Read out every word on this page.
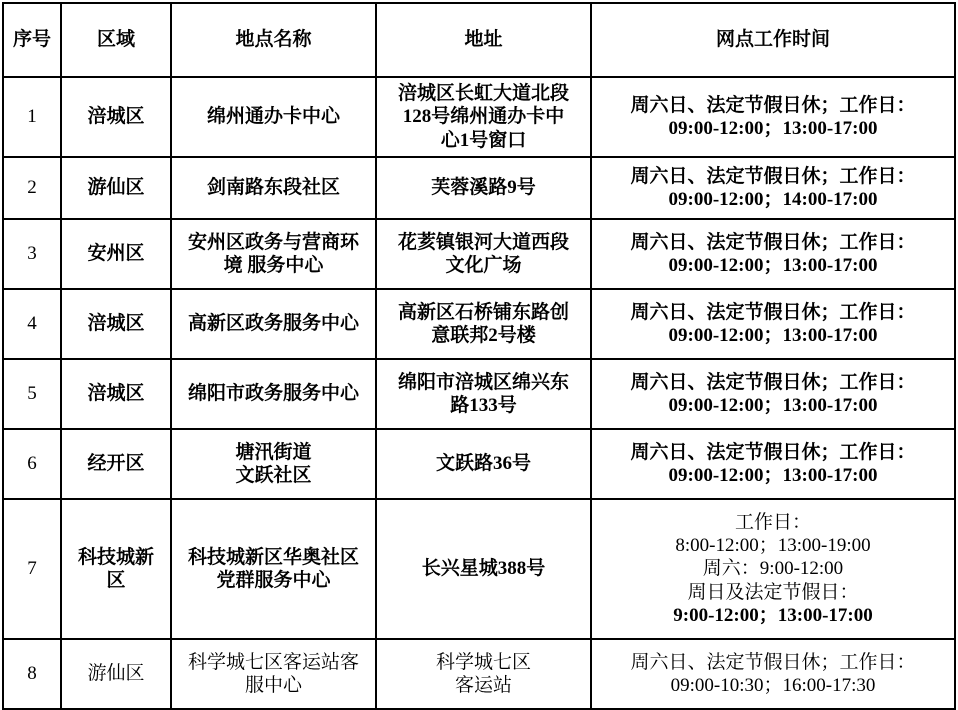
序号	区域	地点名称	地址	网点工作时间
1	涪城区	绵州通办卡中心	涪城区长虹大道北段
128号绵州通办卡中
心1号窗口	周六日、法定节假日休；工作日：
09:00-12:00；13:00-17:00

2	游仙区	剑南路东段社区	芙蓉溪路9号	周六日、法定节假日休；工作日：
09:00-12:00；14:00-17:00

3	安州区	安州区政务与营商环
境 服务中心	花荄镇银河大道西段
文化广场	周六日、法定节假日休；工作日：
09:00-12:00；13:00-17:00

4	涪城区	高新区政务服务中心	高新区石桥铺东路创
意联邦2号楼	周六日、法定节假日休；工作日：
09:00-12:00；13:00-17:00

5	涪城区	绵阳市政务服务中心	绵阳市涪城区绵兴东
路133号	周六日、法定节假日休；工作日：
09:00-12:00；13:00-17:00

6	经开区	塘汛街道
文跃社区	文跃路36号	周六日、法定节假日休；工作日：
09:00-12:00；13:00-17:00

7	科技城新
区	科技城新区华奥社区
党群服务中心	长兴星城388号	工作日：
8:00-12:00；13:00-19:00
周六：9:00-12:00
周日及法定节假日：
9:00-12:00；13:00-17:00

8	游仙区	科学城七区客运站客
服中心	科学城七区
客运站	周六日、法定节假日休；工作日：
09:00-10:30；16:00-17:30
